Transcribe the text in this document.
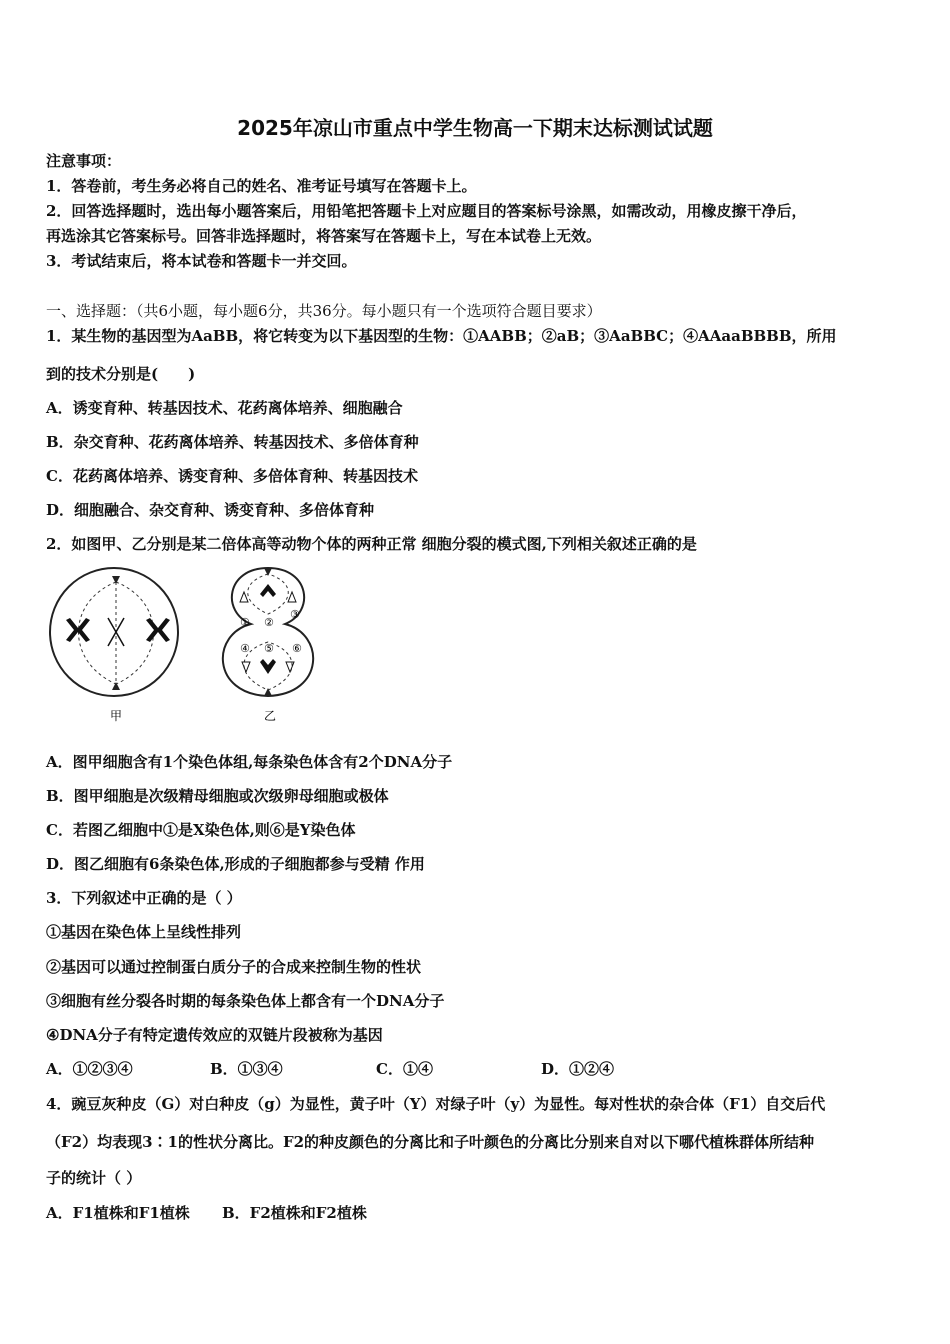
2025年凉山市重点中学生物高一下期末达标测试试题
注意事项：
1．答卷前，考生务必将自己的姓名、准考证号填写在答题卡上。
2．回答选择题时，选出每小题答案后，用铅笔把答题卡上对应题目的答案标号涂黑，如需改动，用橡皮擦干净后，
再选涂其它答案标号。回答非选择题时，将答案写在答题卡上，写在本试卷上无效。
3．考试结束后，将本试卷和答题卡一并交回。
一、选择题：（共6小题，每小题6分，共36分。每小题只有一个选项符合题目要求）
1．某生物的基因型为AaBB，将它转变为以下基因型的生物：①AABB；②aB；③AaBBC；④AAaaBBBB，所用
到的技术分别是(　　)
A．诱变育种、转基因技术、花药离体培养、细胞融合
B．杂交育种、花药离体培养、转基因技术、多倍体育种
C．花药离体培养、诱变育种、多倍体育种、转基因技术
D．细胞融合、杂交育种、诱变育种、多倍体育种
2．如图甲、乙分别是某二倍体高等动物个体的两种正常 细胞分裂的模式图,下列相关叙述正确的是
甲
① ②
③
④ ⑤ ⑥
乙
A．图甲细胞含有1个染色体组,每条染色体含有2个DNA分子
B．图甲细胞是次级精母细胞或次级卵母细胞或极体
C．若图乙细胞中①是X染色体,则⑥是Y染色体
D．图乙细胞有6条染色体,形成的子细胞都参与受精 作用
3．下列叙述中正确的是（ ）
①基因在染色体上呈线性排列
②基因可以通过控制蛋白质分子的合成来控制生物的性状
③细胞有丝分裂各时期的每条染色体上都含有一个DNA分子
④DNA分子有特定遗传效应的双链片段被称为基因
A．①②③④	B．①③④	C．①④	D．①②④
4．豌豆灰种皮（G）对白种皮（g）为显性，黄子叶（Y）对绿子叶（y）为显性。每对性状的杂合体（F1）自交后代
（F2）均表现3∶1的性状分离比。F2的种皮颜色的分离比和子叶颜色的分离比分别来自对以下哪代植株群体所结种
子的统计（ ）
A．F1植株和F1植株 B．F2植株和F2植株
